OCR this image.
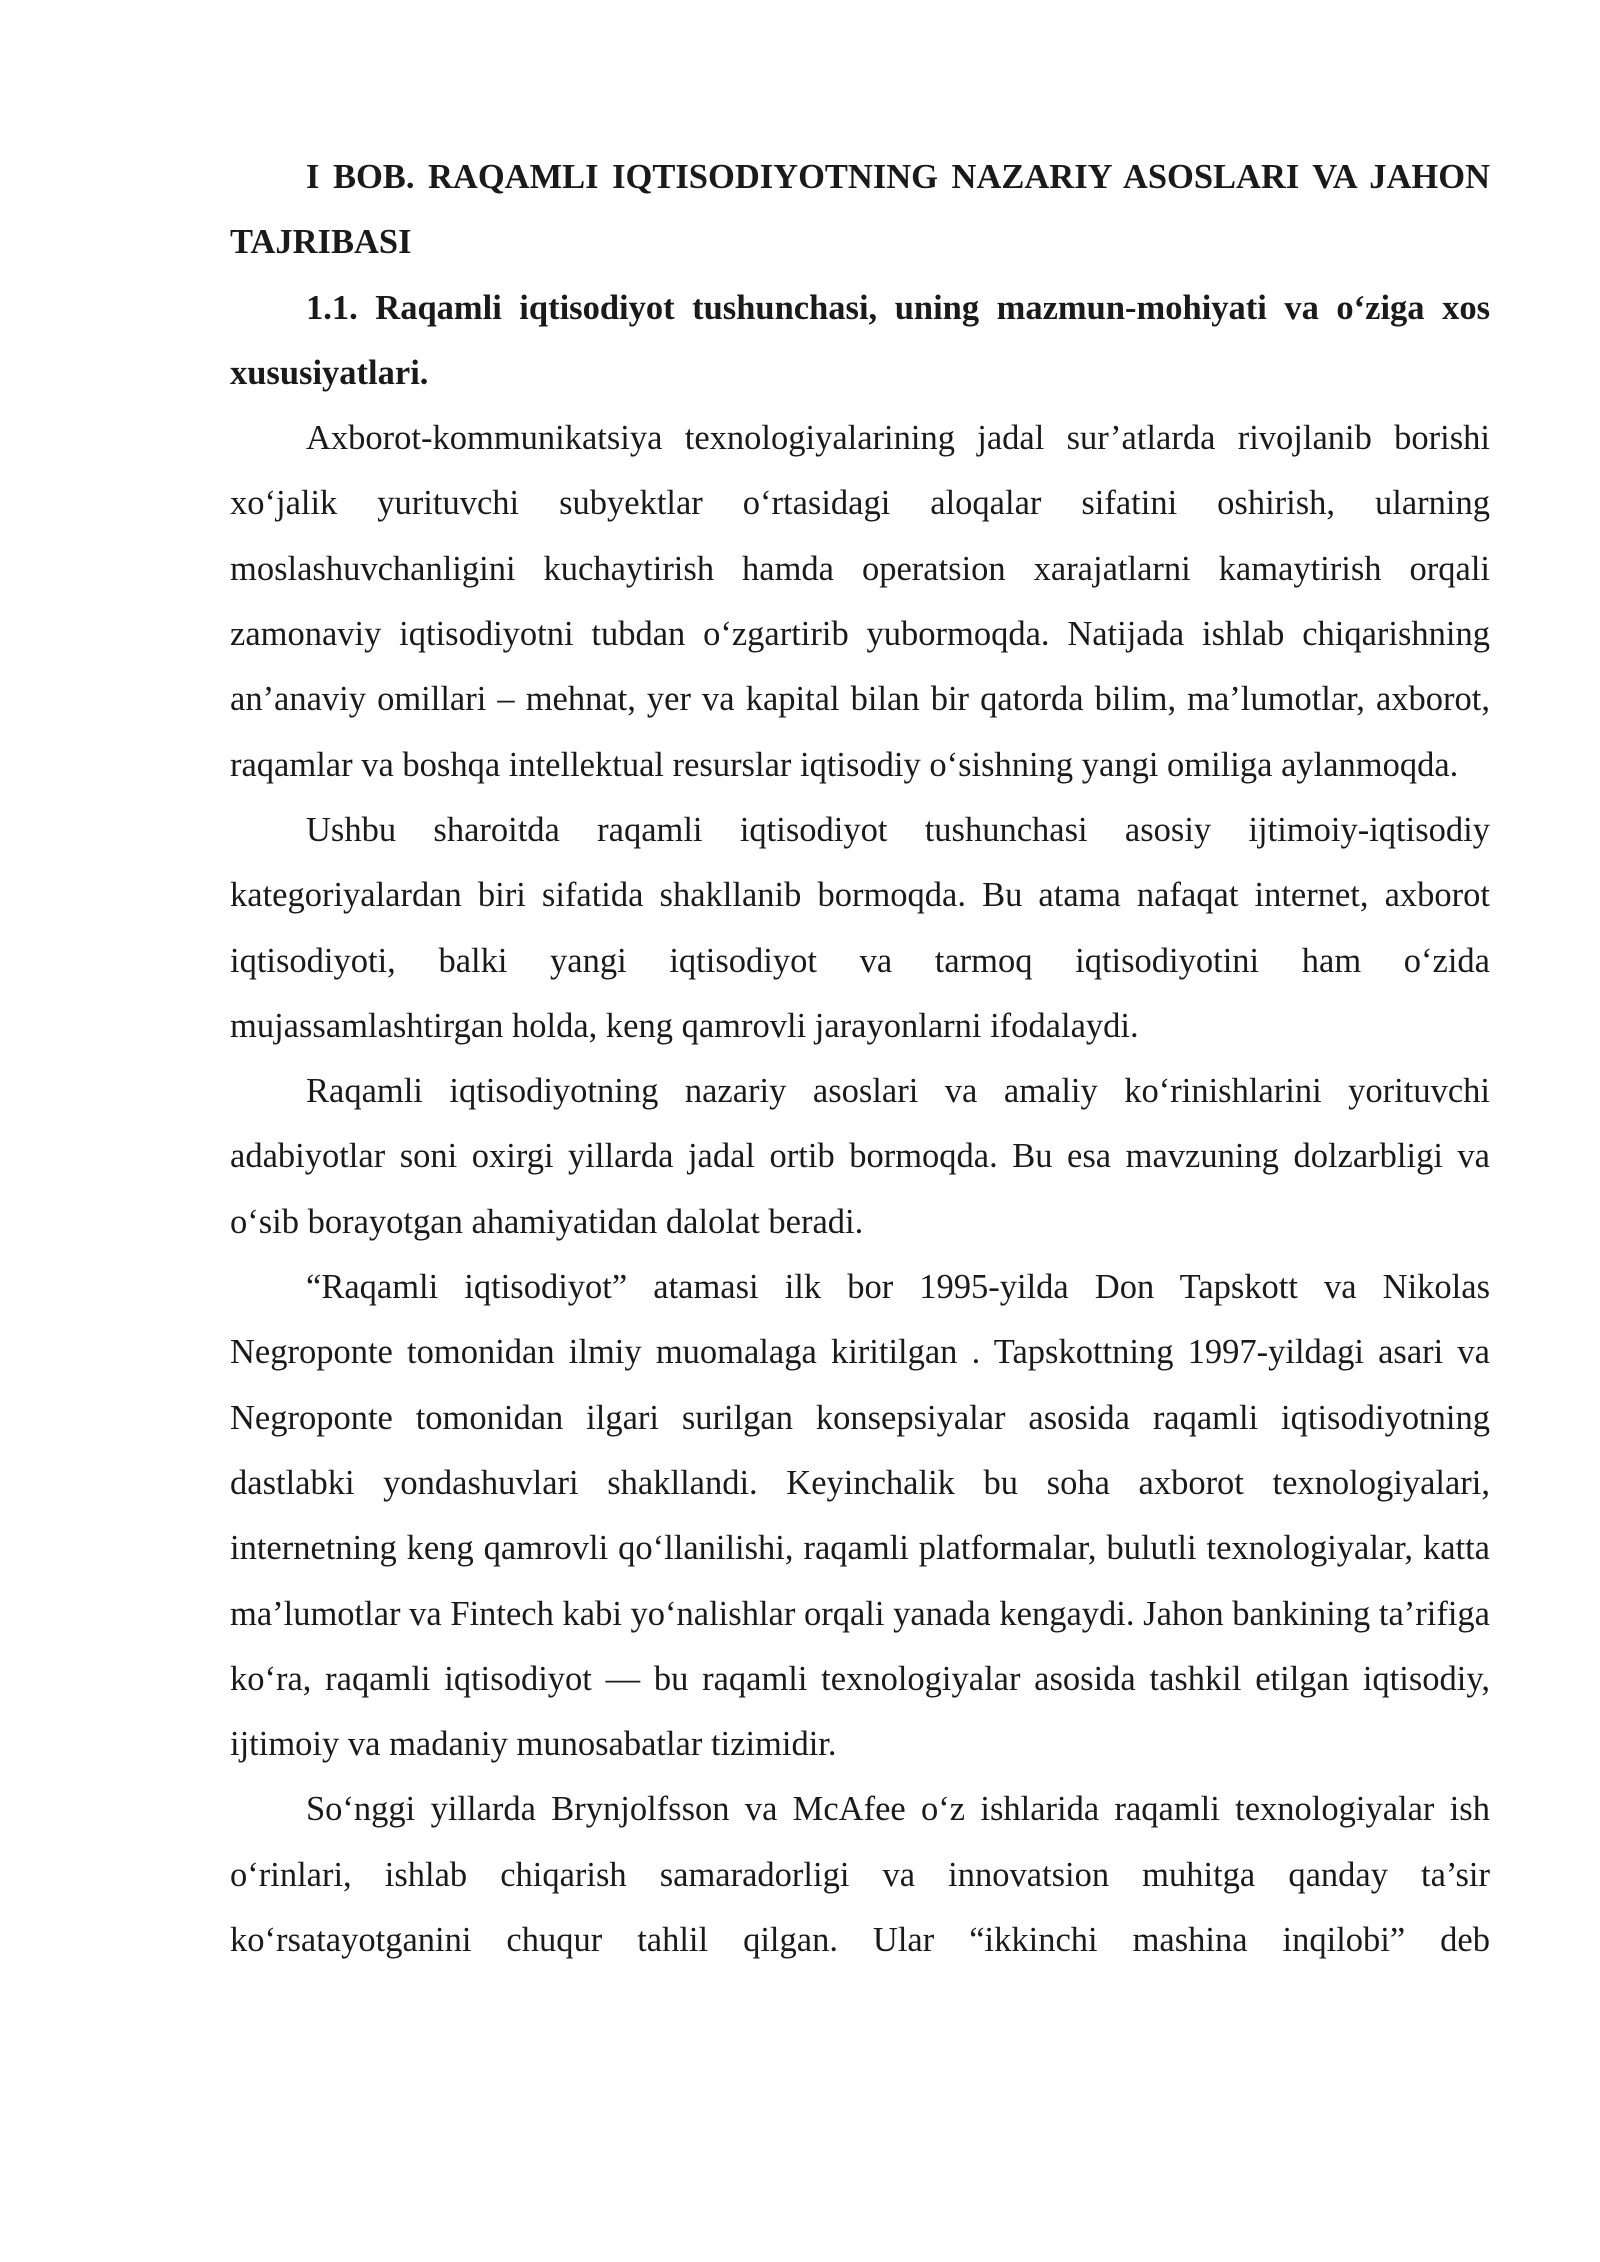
I BOB. RAQAMLI IQTISODIYOTNING NAZARIY ASOSLARI VA JAHON TAJRIBASI

1.1. Raqamli iqtisodiyot tushunchasi, uning mazmun-mohiyati va o‘ziga xos xususiyatlari.

Axborot-kommunikatsiya texnologiyalarining jadal sur’atlarda rivojlanib borishi xo‘jalik yurituvchi subyektlar o‘rtasidagi aloqalar sifatini oshirish, ularning moslashuvchanligini kuchaytirish hamda operatsion xarajatlarni kamaytirish orqali zamonaviy iqtisodiyotni tubdan o‘zgartirib yubormoqda. Natijada ishlab chiqarishning an’anaviy omillari – mehnat, yer va kapital bilan bir qatorda bilim, ma’lumotlar, axborot, raqamlar va boshqa intellektual resurslar iqtisodiy o‘sishning yangi omiliga aylanmoqda.

Ushbu sharoitda raqamli iqtisodiyot tushunchasi asosiy ijtimoiy-iqtisodiy kategoriyalardan biri sifatida shakllanib bormoqda. Bu atama nafaqat internet, axborot iqtisodiyoti, balki yangi iqtisodiyot va tarmoq iqtisodiyotini ham o‘zida mujassamlashtirgan holda, keng qamrovli jarayonlarni ifodalaydi.

Raqamli iqtisodiyotning nazariy asoslari va amaliy ko‘rinishlarini yorituvchi adabiyotlar soni oxirgi yillarda jadal ortib bormoqda. Bu esa mavzuning dolzarbligi va o‘sib borayotgan ahamiyatidan dalolat beradi.

“Raqamli iqtisodiyot” atamasi ilk bor 1995-yilda Don Tapskott va Nikolas Negroponte tomonidan ilmiy muomalaga kiritilgan . Tapskottning 1997-yildagi asari va Negroponte tomonidan ilgari surilgan konsepsiyalar asosida raqamli iqtisodiyotning dastlabki yondashuvlari shakllandi. Keyinchalik bu soha axborot texnologiyalari, internetning keng qamrovli qo‘llanilishi, raqamli platformalar, bulutli texnologiyalar, katta ma’lumotlar va Fintech kabi yo‘nalishlar orqali yanada kengaydi. Jahon bankining ta’rifiga ko‘ra, raqamli iqtisodiyot — bu raqamli texnologiyalar asosida tashkil etilgan iqtisodiy, ijtimoiy va madaniy munosabatlar tizimidir.

So‘nggi yillarda Brynjolfsson va McAfee o‘z ishlarida raqamli texnologiyalar ish o‘rinlari, ishlab chiqarish samaradorligi va innovatsion muhitga qanday ta’sir ko‘rsatayotganini chuqur tahlil qilgan. Ular “ikkinchi mashina inqilobi” deb
